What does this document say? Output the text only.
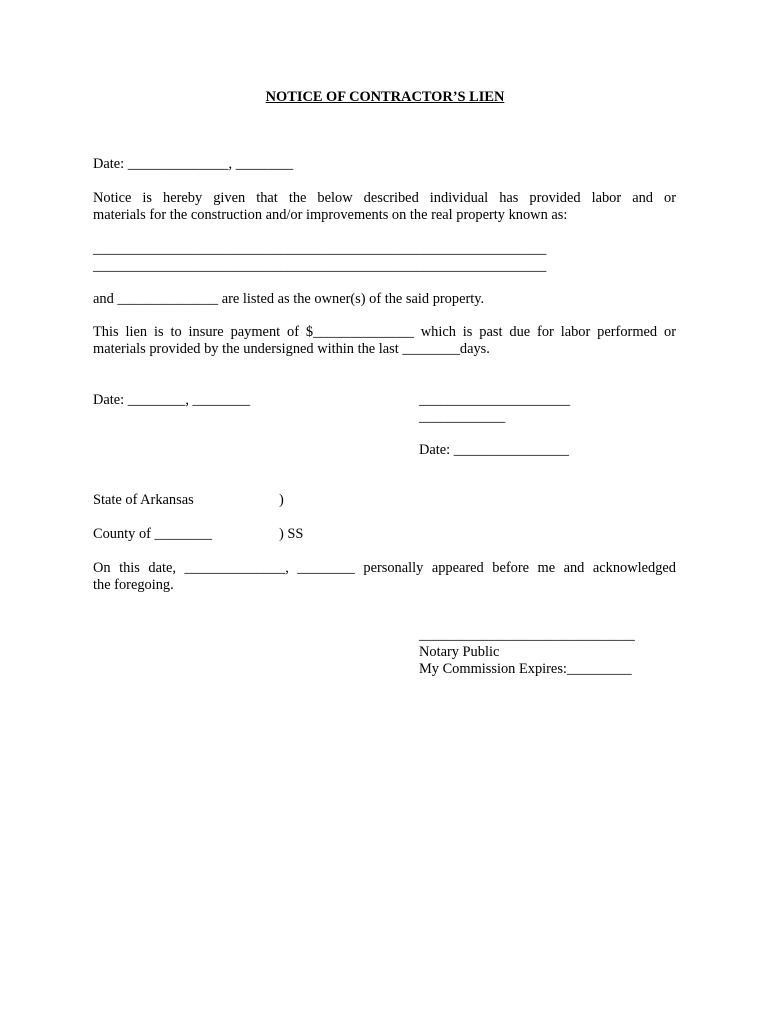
NOTICE OF CONTRACTOR’S LIEN
Date: ______________, ________
Notice is hereby given that the below described individual has provided labor and or
materials for the construction and/or improvements on the real property known as:
_______________________________________________________________
_______________________________________________________________
and ______________ are listed as the owner(s) of the said property.
This lien is to insure payment of $______________ which is past due for labor performed or
materials provided by the undersigned within the last ________days.
Date: ________, ________	_____________________
____________
Date: ________________
State of Arkansas	)
County of ________	) SS
On this date, ______________, ________ personally appeared before me and acknowledged
the foregoing.
______________________________
Notary Public
My Commission Expires:_________
